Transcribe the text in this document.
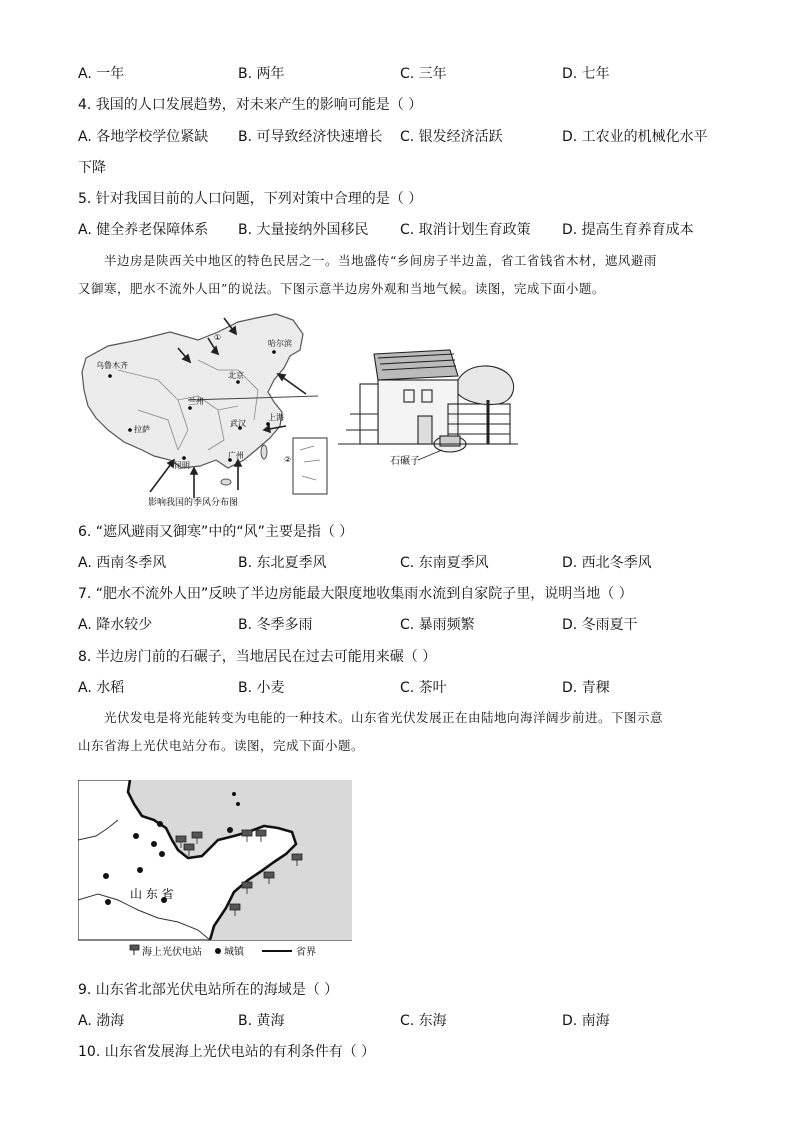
A. 一年	B. 两年	C. 三年	D. 七年
4. 我国的人口发展趋势，对未来产生的影响可能是（ ）
A. 各地学校学位紧缺 B. 可导致经济快速增长 C. 银发经济活跃	D. 工农业的机械化水平
下降
5. 针对我国目前的人口问题，下列对策中合理的是（ ）
A. 健全养老保障体系 B. 大量接纳外国移民 C. 取消计划生育政策 D. 提高生育养育成本
半边房是陕西关中地区的特色民居之一。当地盛传“乡间房子半边盖，省工省钱省木材，遮风避雨
又御寒，肥水不流外人田”的说法。下图示意半边房外观和当地气候。读图，完成下面小题。
乌鲁木齐
哈尔滨
北京
兰州
上海
武汉
拉萨
昆明
广州
①
②
影响我国的季风分布图
石碾子
6. “遮风避雨又御寒”中的“风”主要是指（ ）
A. 西南冬季风	B. 东北夏季风	C. 东南夏季风	D. 西北冬季风
7. “肥水不流外人田”反映了半边房能最大限度地收集雨水流到自家院子里，说明当地（ ）
A. 降水较少	B. 冬季多雨	C. 暴雨频繁	D. 冬雨夏干
8. 半边房门前的石碾子，当地居民在过去可能用来碾（ ）
A. 水稻	B. 小麦	C. 茶叶	D. 青稞
光伏发电是将光能转变为电能的一种技术。山东省光伏发展正在由陆地向海洋阔步前进。下图示意
山东省海上光伏电站分布。读图，完成下面小题。
山 东 省
海上光伏电站 城镇	省界
9. 山东省北部光伏电站所在的海域是（ ）
A. 渤海	B. 黄海	C. 东海	D. 南海
10. 山东省发展海上光伏电站的有利条件有（ ）
